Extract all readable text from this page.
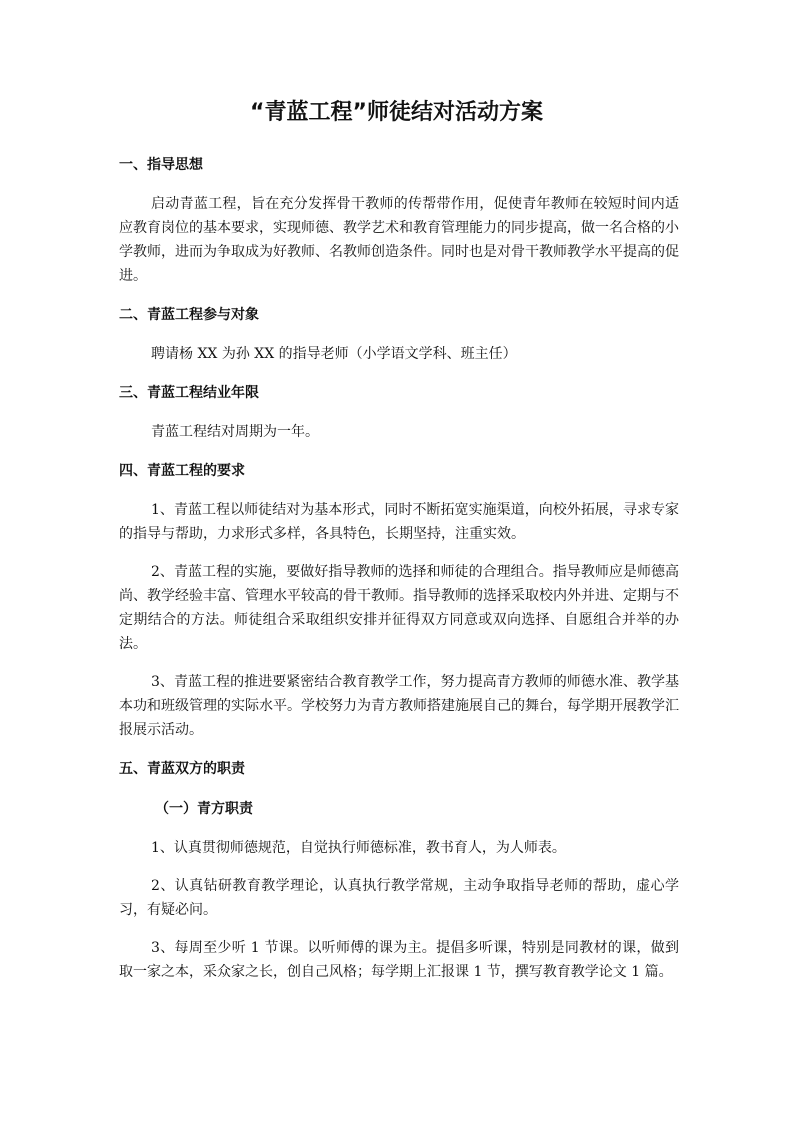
“青蓝工程”师徒结对活动方案
一、指导思想

启动青蓝工程，旨在充分发挥骨干教师的传帮带作用，促使青年教师在较短时间内适应教育岗位的基本要求，实现师德、教学艺术和教育管理能力的同步提高，做一名合格的小学教师，进而为争取成为好教师、名教师创造条件。同时也是对骨干教师教学水平提高的促进。

二、青蓝工程参与对象

聘请杨 XX 为孙 XX 的指导老师（小学语文学科、班主任）

三、青蓝工程结业年限

青蓝工程结对周期为一年。

四、青蓝工程的要求

1、青蓝工程以师徒结对为基本形式，同时不断拓宽实施渠道，向校外拓展，寻求专家的指导与帮助，力求形式多样，各具特色，长期坚持，注重实效。

2、青蓝工程的实施，要做好指导教师的选择和师徒的合理组合。指导教师应是师德高尚、教学经验丰富、管理水平较高的骨干教师。指导教师的选择采取校内外并进、定期与不定期结合的方法。师徒组合采取组织安排并征得双方同意或双向选择、自愿组合并举的办法。

3、青蓝工程的推进要紧密结合教育教学工作，努力提高青方教师的师德水准、教学基本功和班级管理的实际水平。学校努力为青方教师搭建施展自己的舞台，每学期开展教学汇报展示活动。

五、青蓝双方的职责
（一）青方职责

1、认真贯彻师德规范，自觉执行师德标准，教书育人，为人师表。

2、认真钻研教育教学理论，认真执行教学常规，主动争取指导老师的帮助，虚心学习，有疑必问。

3、每周至少听 1 节课。以听师傅的课为主。提倡多听课，特别是同教材的课，做到取一家之本，采众家之长，创自己风格；每学期上汇报课 1 节，撰写教育教学论文 1 篇。
